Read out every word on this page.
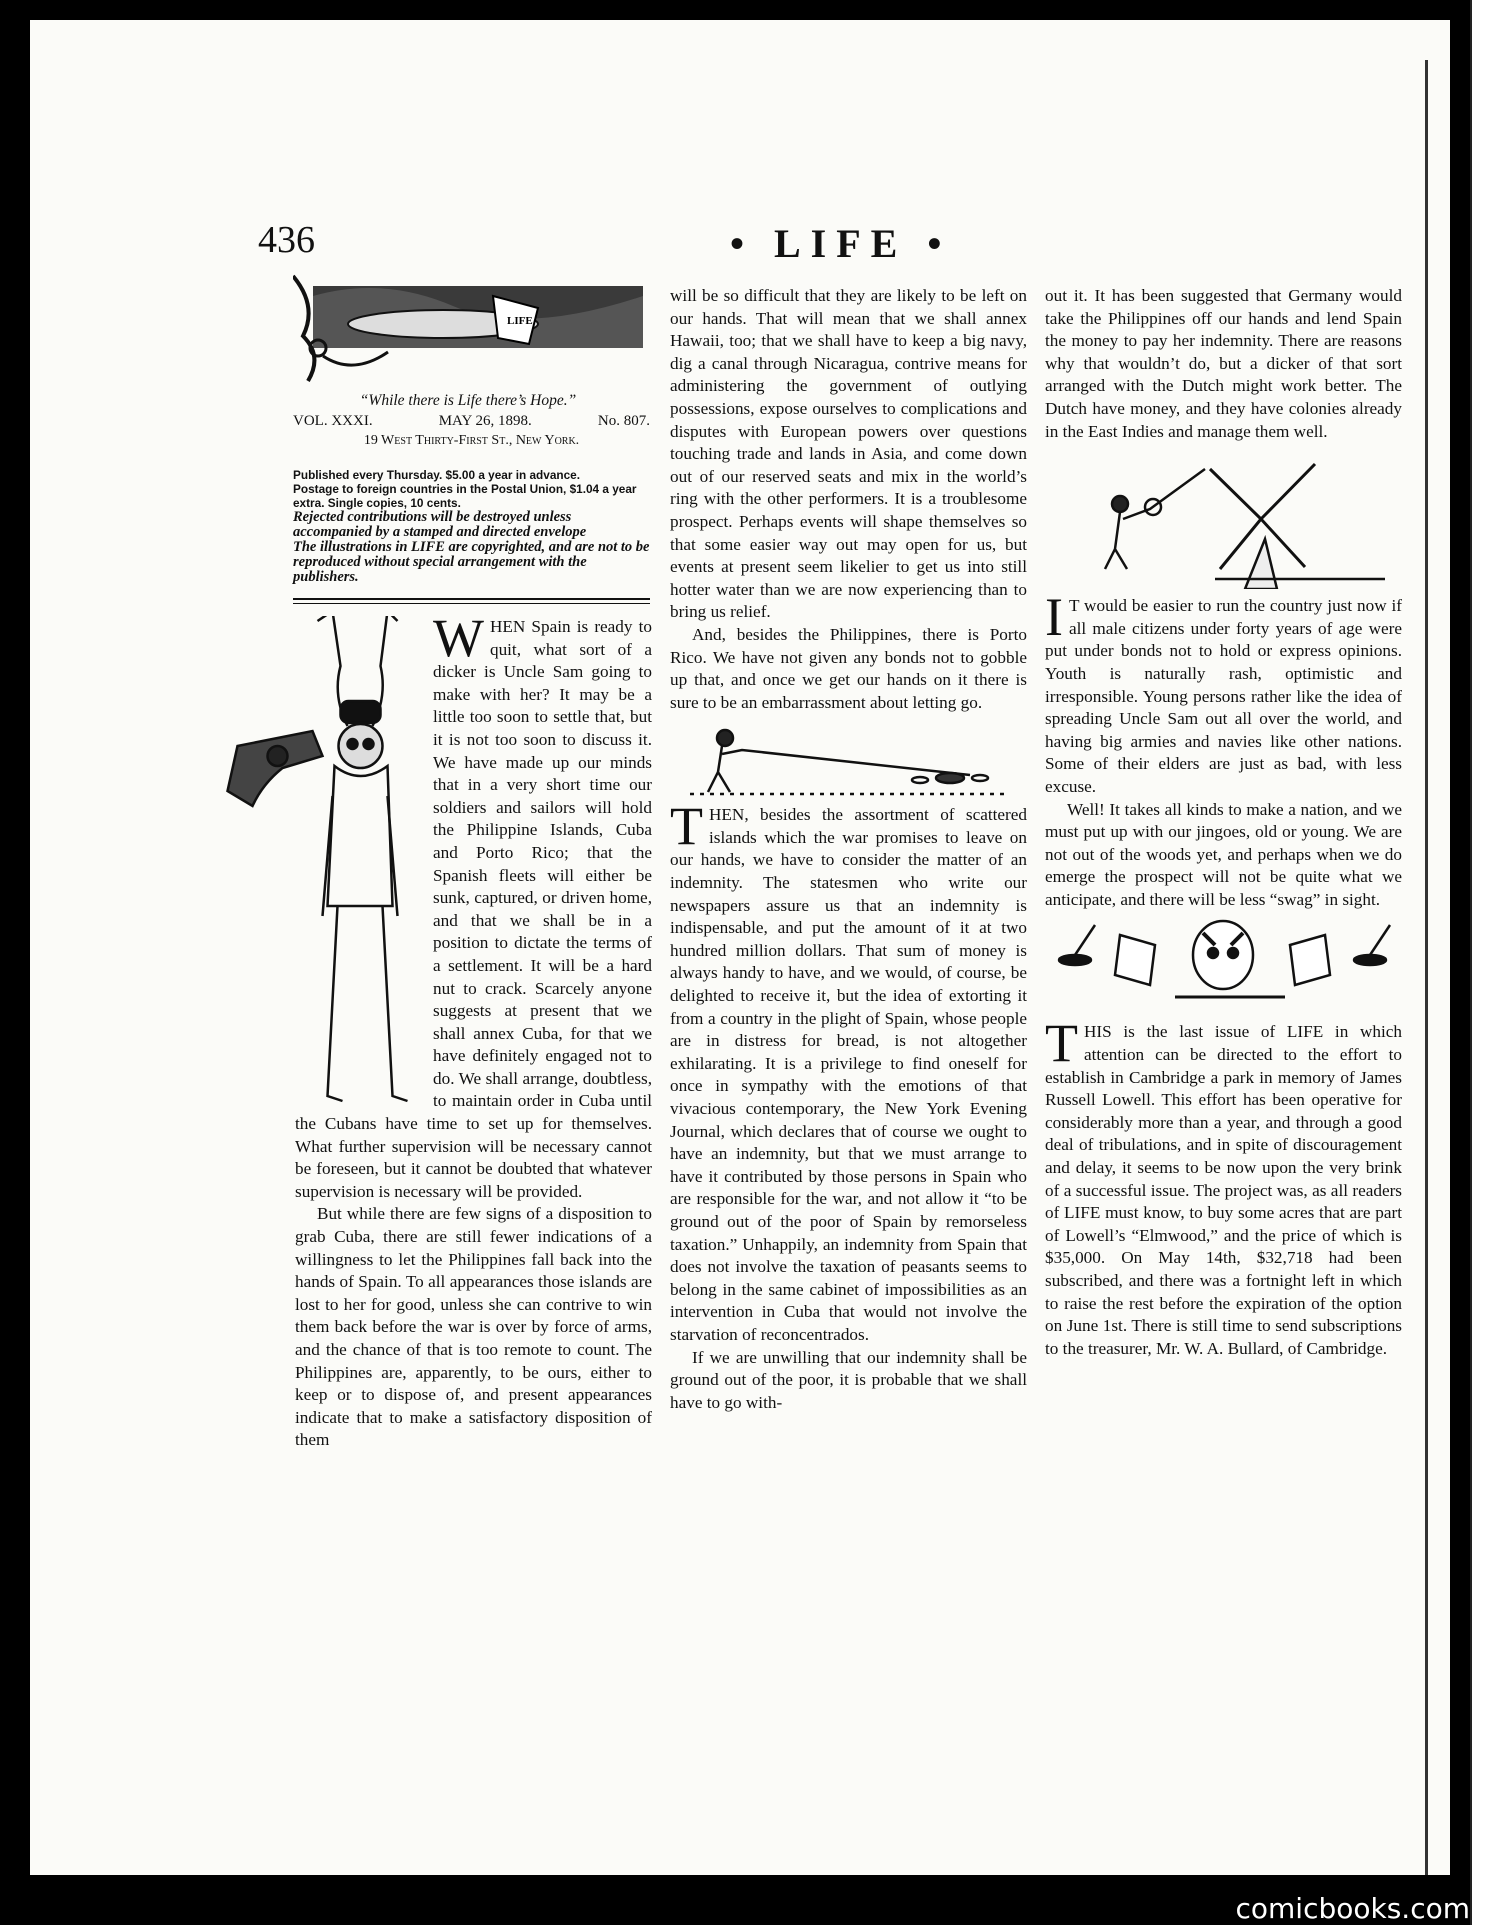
436	• LIFE •
LIFE
“While there is Life there’s Hope.”
VOL. XXXI.	MAY 26, 1898.	No. 807.
19 West Thirty-First St., New York.
Published every Thursday. $5.00 a year in advance.
Postage to foreign countries in the Postal Union, $1.04 a year extra. Single copies, 10 cents.
Rejected contributions will be destroyed unless accompanied by a stamped and directed envelope
The illustrations in LIFE are copyrighted, and are not to be reproduced without special arrangement with the publishers.

WHEN Spain is ready to quit, what sort of a dicker is Uncle Sam going to make with her? It may be a little too soon to settle that, but it is not too soon to discuss it. We have made up our minds that in a very short time our soldiers and sailors will hold the Philippine Islands, Cuba and Porto Rico; that the Spanish fleets will either be sunk, captured, or driven home, and that we shall be in a position to dictate the terms of a settlement. It will be a hard nut to crack. Scarcely anyone suggests at present that we shall annex Cuba, for that we have definitely engaged not to do. We shall arrange, doubtless, to maintain order in Cuba until the Cubans have time to set up for themselves. What further supervision will be necessary cannot be foreseen, but it cannot be doubted that whatever supervision is necessary will be provided.

But while there are few signs of a disposition to grab Cuba, there are still fewer indications of a willingness to let the Philippines fall back into the hands of Spain. To all appearances those islands are lost to her for good, unless she can contrive to win them back before the war is over by force of arms, and the chance of that is too remote to count. The Philippines are, apparently, to be ours, either to keep or to dispose of, and present appearances indicate that to make a satisfactory disposition of them

will be so difficult that they are likely to be left on our hands. That will mean that we shall annex Hawaii, too; that we shall have to keep a big navy, dig a canal through Nicaragua, contrive means for administering the government of outlying possessions, expose ourselves to complications and disputes with European powers over questions touching trade and lands in Asia, and come down out of our reserved seats and mix in the world’s ring with the other performers. It is a troublesome prospect. Perhaps events will shape themselves so that some easier way out may open for us, but events at present seem likelier to get us into still hotter water than we are now experiencing than to bring us relief.

And, besides the Philippines, there is Porto Rico. We have not given any bonds not to gobble up that, and once we get our hands on it there is sure to be an embarrassment about letting go.

THEN, besides the assortment of scattered islands which the war promises to leave on our hands, we have to consider the matter of an indemnity. The statesmen who write our newspapers assure us that an indemnity is indispensable, and put the amount of it at two hundred million dollars. That sum of money is always handy to have, and we would, of course, be delighted to receive it, but the idea of extorting it from a country in the plight of Spain, whose people are in distress for bread, is not altogether exhilarating. It is a privilege to find oneself for once in sympathy with the emotions of that vivacious contemporary, the New York Evening Journal, which declares that of course we ought to have an indemnity, but that we must arrange to have it contributed by those persons in Spain who are responsible for the war, and not allow it “to be ground out of the poor of Spain by remorseless taxation.” Unhappily, an indemnity from Spain that does not involve the taxation of peasants seems to belong in the same cabinet of impossibilities as an intervention in Cuba that would not involve the starvation of reconcentrados.

If we are unwilling that our indemnity shall be ground out of the poor, it is probable that we shall have to go with-

out it. It has been suggested that Germany would take the Philippines off our hands and lend Spain the money to pay her indemnity. There are reasons why that wouldn’t do, but a dicker of that sort arranged with the Dutch might work better. The Dutch have money, and they have colonies already in the East Indies and manage them well.

I T would be easier to run the country just now if all male citizens under forty years of age were put under bonds not to hold or express opinions. Youth is naturally rash, optimistic and irresponsible. Young persons rather like the idea of spreading Uncle Sam out all over the world, and having big armies and navies like other nations. Some of their elders are just as bad, with less excuse.

Well! It takes all kinds to make a nation, and we must put up with our jingoes, old or young. We are not out of the woods yet, and perhaps when we do emerge the prospect will not be quite what we anticipate, and there will be less “swag” in sight.

THIS is the last issue of LIFE in which attention can be directed to the effort to establish in Cambridge a park in memory of James Russell Lowell. This effort has been operative for considerably more than a year, and through a good deal of tribulations, and in spite of discouragement and delay, it seems to be now upon the very brink of a successful issue. The project was, as all readers of LIFE must know, to buy some acres that are part of Lowell’s “Elmwood,” and the price of which is $35,000. On May 14th, $32,718 had been subscribed, and there was a fortnight left in which to raise the rest before the expiration of the option on June 1st. There is still time to send subscriptions to the treasurer, Mr. W. A. Bullard, of Cambridge.

comicbooks.com
